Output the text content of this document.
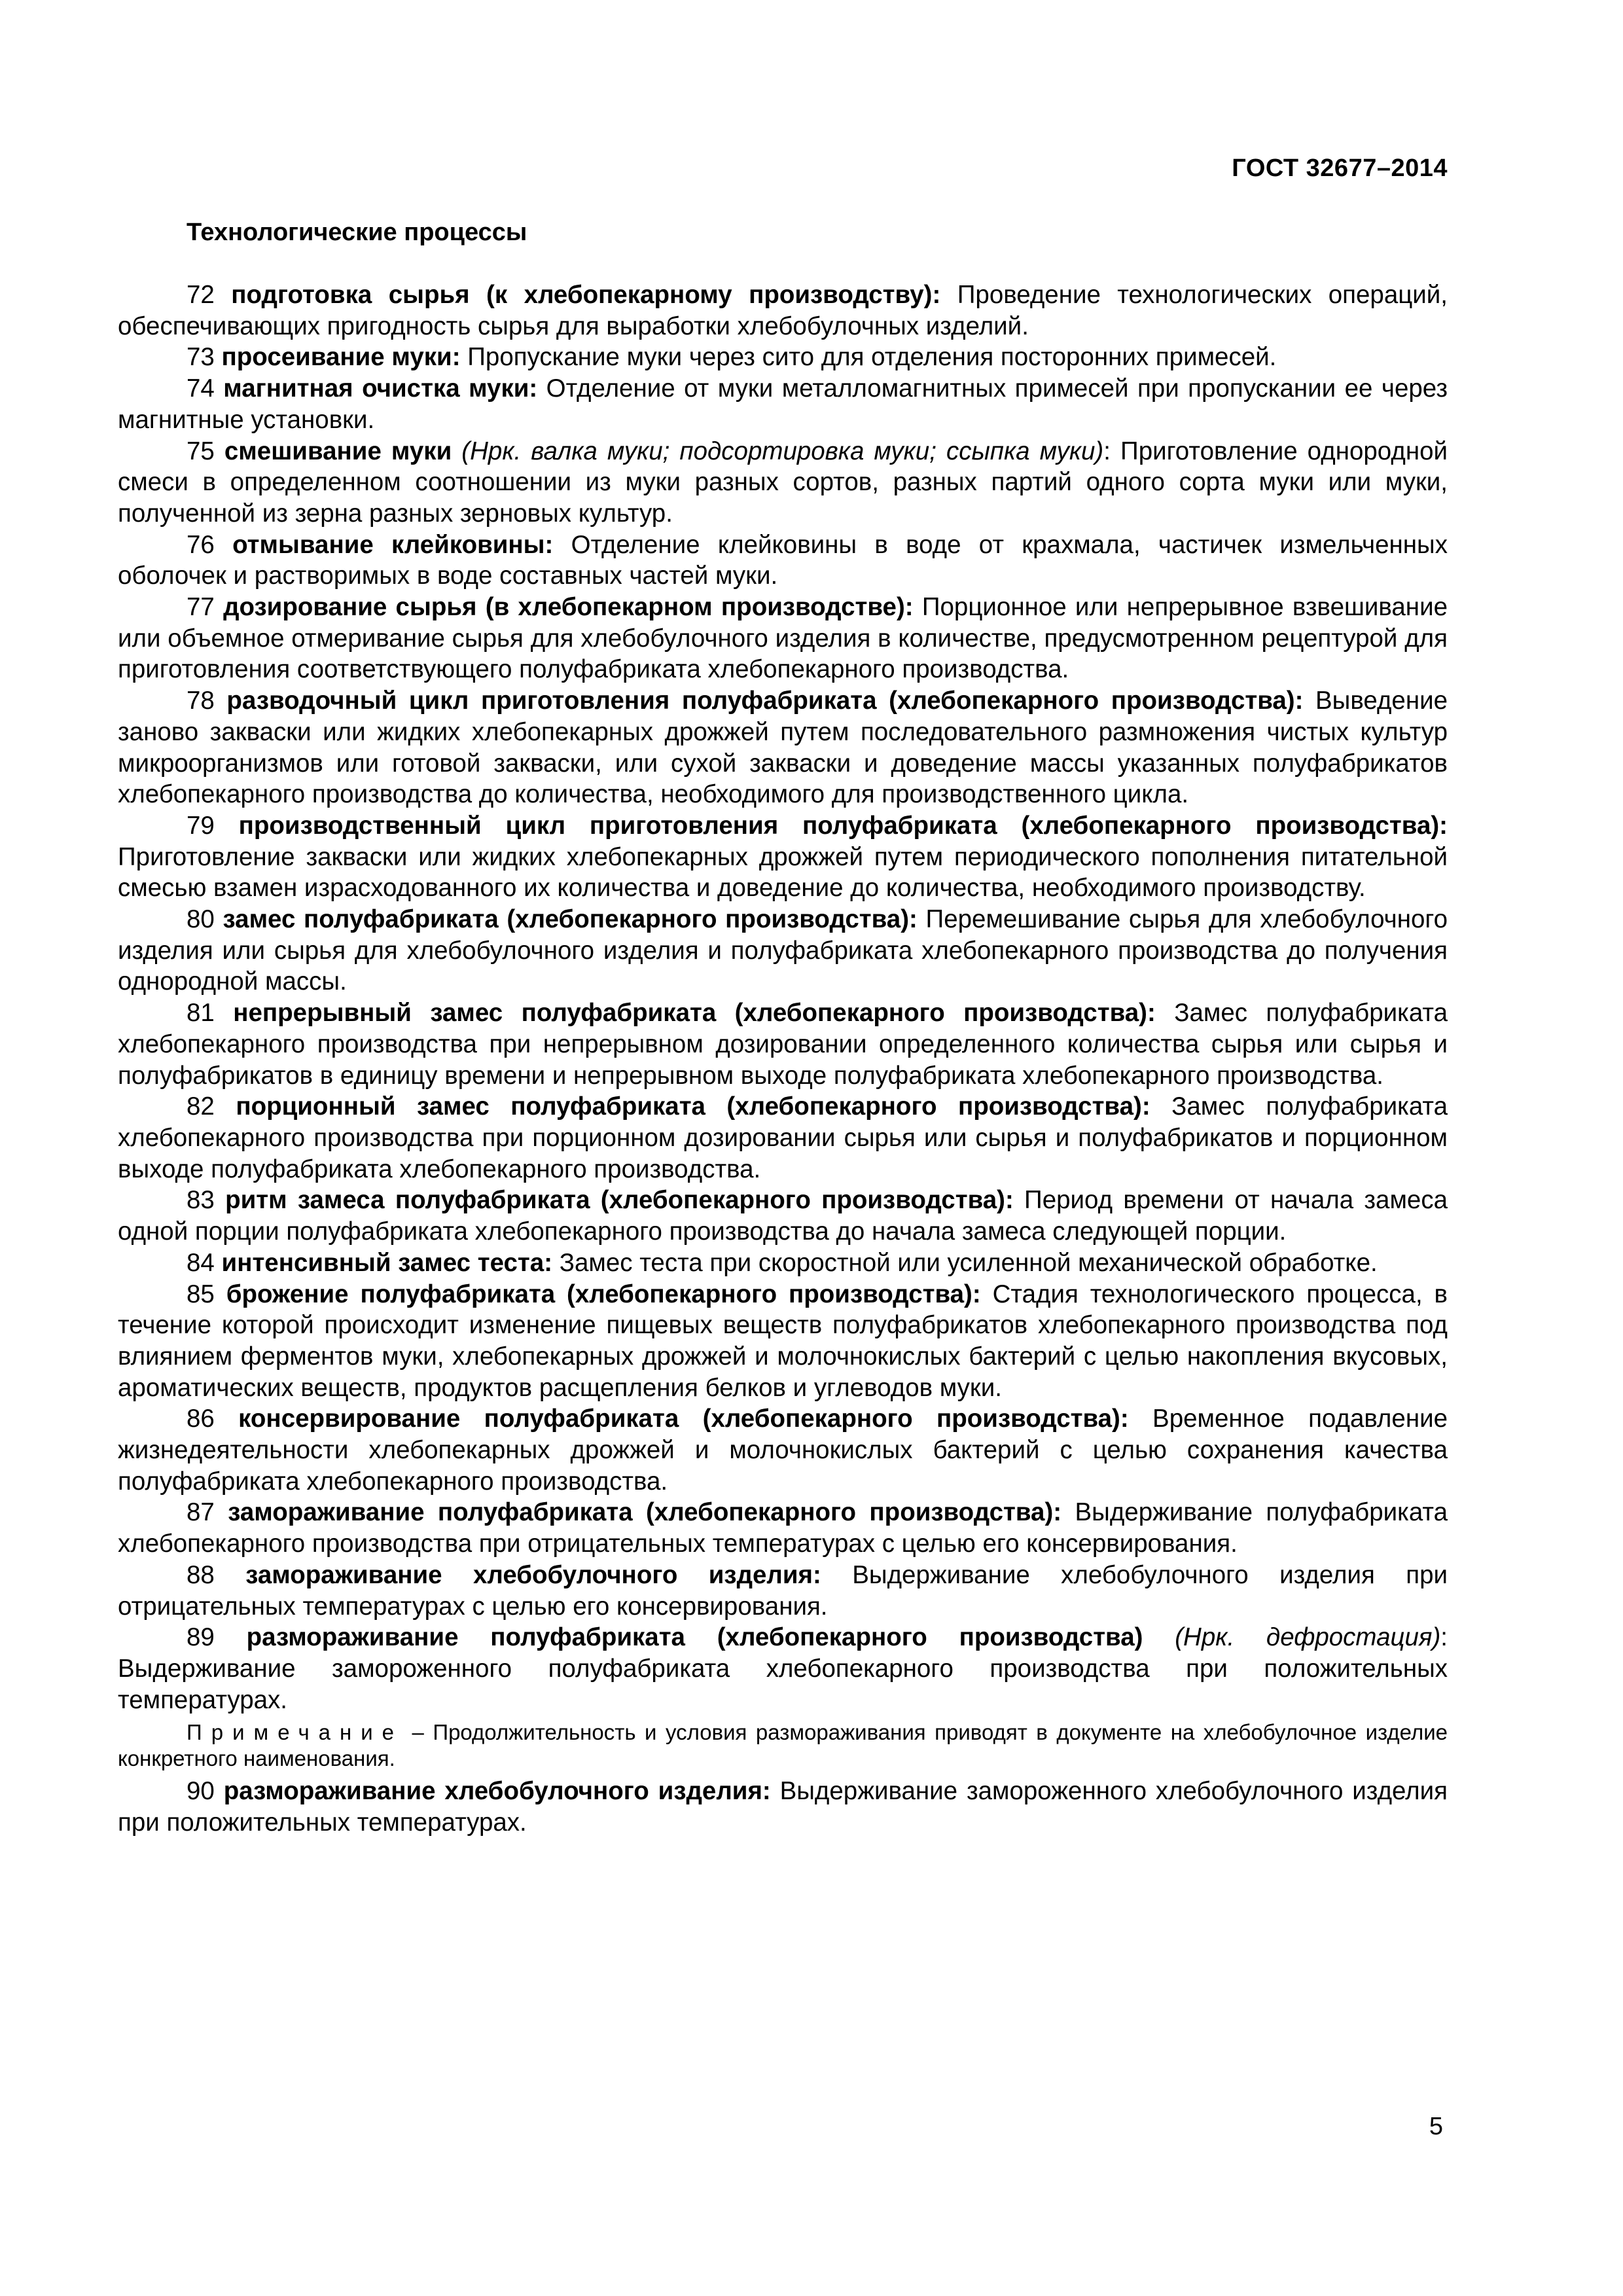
ГОСТ 32677–2014
Технологические процессы

72 подготовка сырья (к хлебопекарному производству): Проведение технологических операций, обеспечивающих пригодность сырья для выработки хлебобулочных изделий.

73 просеивание муки: Пропускание муки через сито для отделения посторонних примесей.

74 магнитная очистка муки: Отделение от муки металломагнитных примесей при пропускании ее через магнитные установки.

75 смешивание муки (Нрк. валка муки; подсортировка муки; ссыпка муки): Приготовление однородной смеси в определенном соотношении из муки разных сортов, разных партий одного сорта муки или муки, полученной из зерна разных зерновых культур.

76 отмывание клейковины: Отделение клейковины в воде от крахмала, частичек измельченных оболочек и растворимых в воде составных частей муки.

77 дозирование сырья (в хлебопекарном производстве): Порционное или непрерывное взвешивание или объемное отмеривание сырья для хлебобулочного изделия в количестве, предусмотренном рецептурой для приготовления соответствующего полуфабриката хлебопекарного производства.

78 разводочный цикл приготовления полуфабриката (хлебопекарного производства): Выведение заново закваски или жидких хлебопекарных дрожжей путем последовательного размножения чистых культур микроорганизмов или готовой закваски, или сухой закваски и доведение массы указанных полуфабрикатов хлебопекарного производства до количества, необходимого для производственного цикла.

79 производственный цикл приготовления полуфабриката (хлебопекарного производства): Приготовление закваски или жидких хлебопекарных дрожжей путем периодического пополнения питательной смесью взамен израсходованного их количества и доведение до количества, необходимого производству.

80 замес полуфабриката (хлебопекарного производства): Перемешивание сырья для хлебобулочного изделия или сырья для хлебобулочного изделия и полуфабриката хлебопекарного производства до получения однородной массы.

81 непрерывный замес полуфабриката (хлебопекарного производства): Замес полуфабриката хлебопекарного производства при непрерывном дозировании определенного количества сырья или сырья и полуфабрикатов в единицу времени и непрерывном выходе полуфабриката хлебопекарного производства.

82 порционный замес полуфабриката (хлебопекарного производства): Замес полуфабриката хлебопекарного производства при порционном дозировании сырья или сырья и полуфабрикатов и порционном выходе полуфабриката хлебопекарного производства.

83 ритм замеса полуфабриката (хлебопекарного производства): Период времени от начала замеса одной порции полуфабриката хлебопекарного производства до начала замеса следующей порции.

84 интенсивный замес теста: Замес теста при скоростной или усиленной механической обработке.

85 брожение полуфабриката (хлебопекарного производства): Стадия технологического процесса, в течение которой происходит изменение пищевых веществ полуфабрикатов хлебопекарного производства под влиянием ферментов муки, хлебопекарных дрожжей и молочнокислых бактерий с целью накопления вкусовых, ароматических веществ, продуктов расщепления белков и углеводов муки.

86 консервирование полуфабриката (хлебопекарного производства): Временное подавление жизнедеятельности хлебопекарных дрожжей и молочнокислых бактерий с целью сохранения качества полуфабриката хлебопекарного производства.

87 замораживание полуфабриката (хлебопекарного производства): Выдерживание полуфабриката хлебопекарного производства при отрицательных температурах с целью его консервирования.

88 замораживание хлебобулочного изделия: Выдерживание хлебобулочного изделия при отрицательных температурах с целью его консервирования.

89 размораживание полуфабриката (хлебопекарного производства) (Нрк. дефростация): Выдерживание замороженного полуфабриката хлебопекарного производства при положительных температурах.

Примечание – Продолжительность и условия размораживания приводят в документе на хлебобулочное изделие конкретного наименования.

90 размораживание хлебобулочного изделия: Выдерживание замороженного хлебобулочного изделия при положительных температурах.

5
